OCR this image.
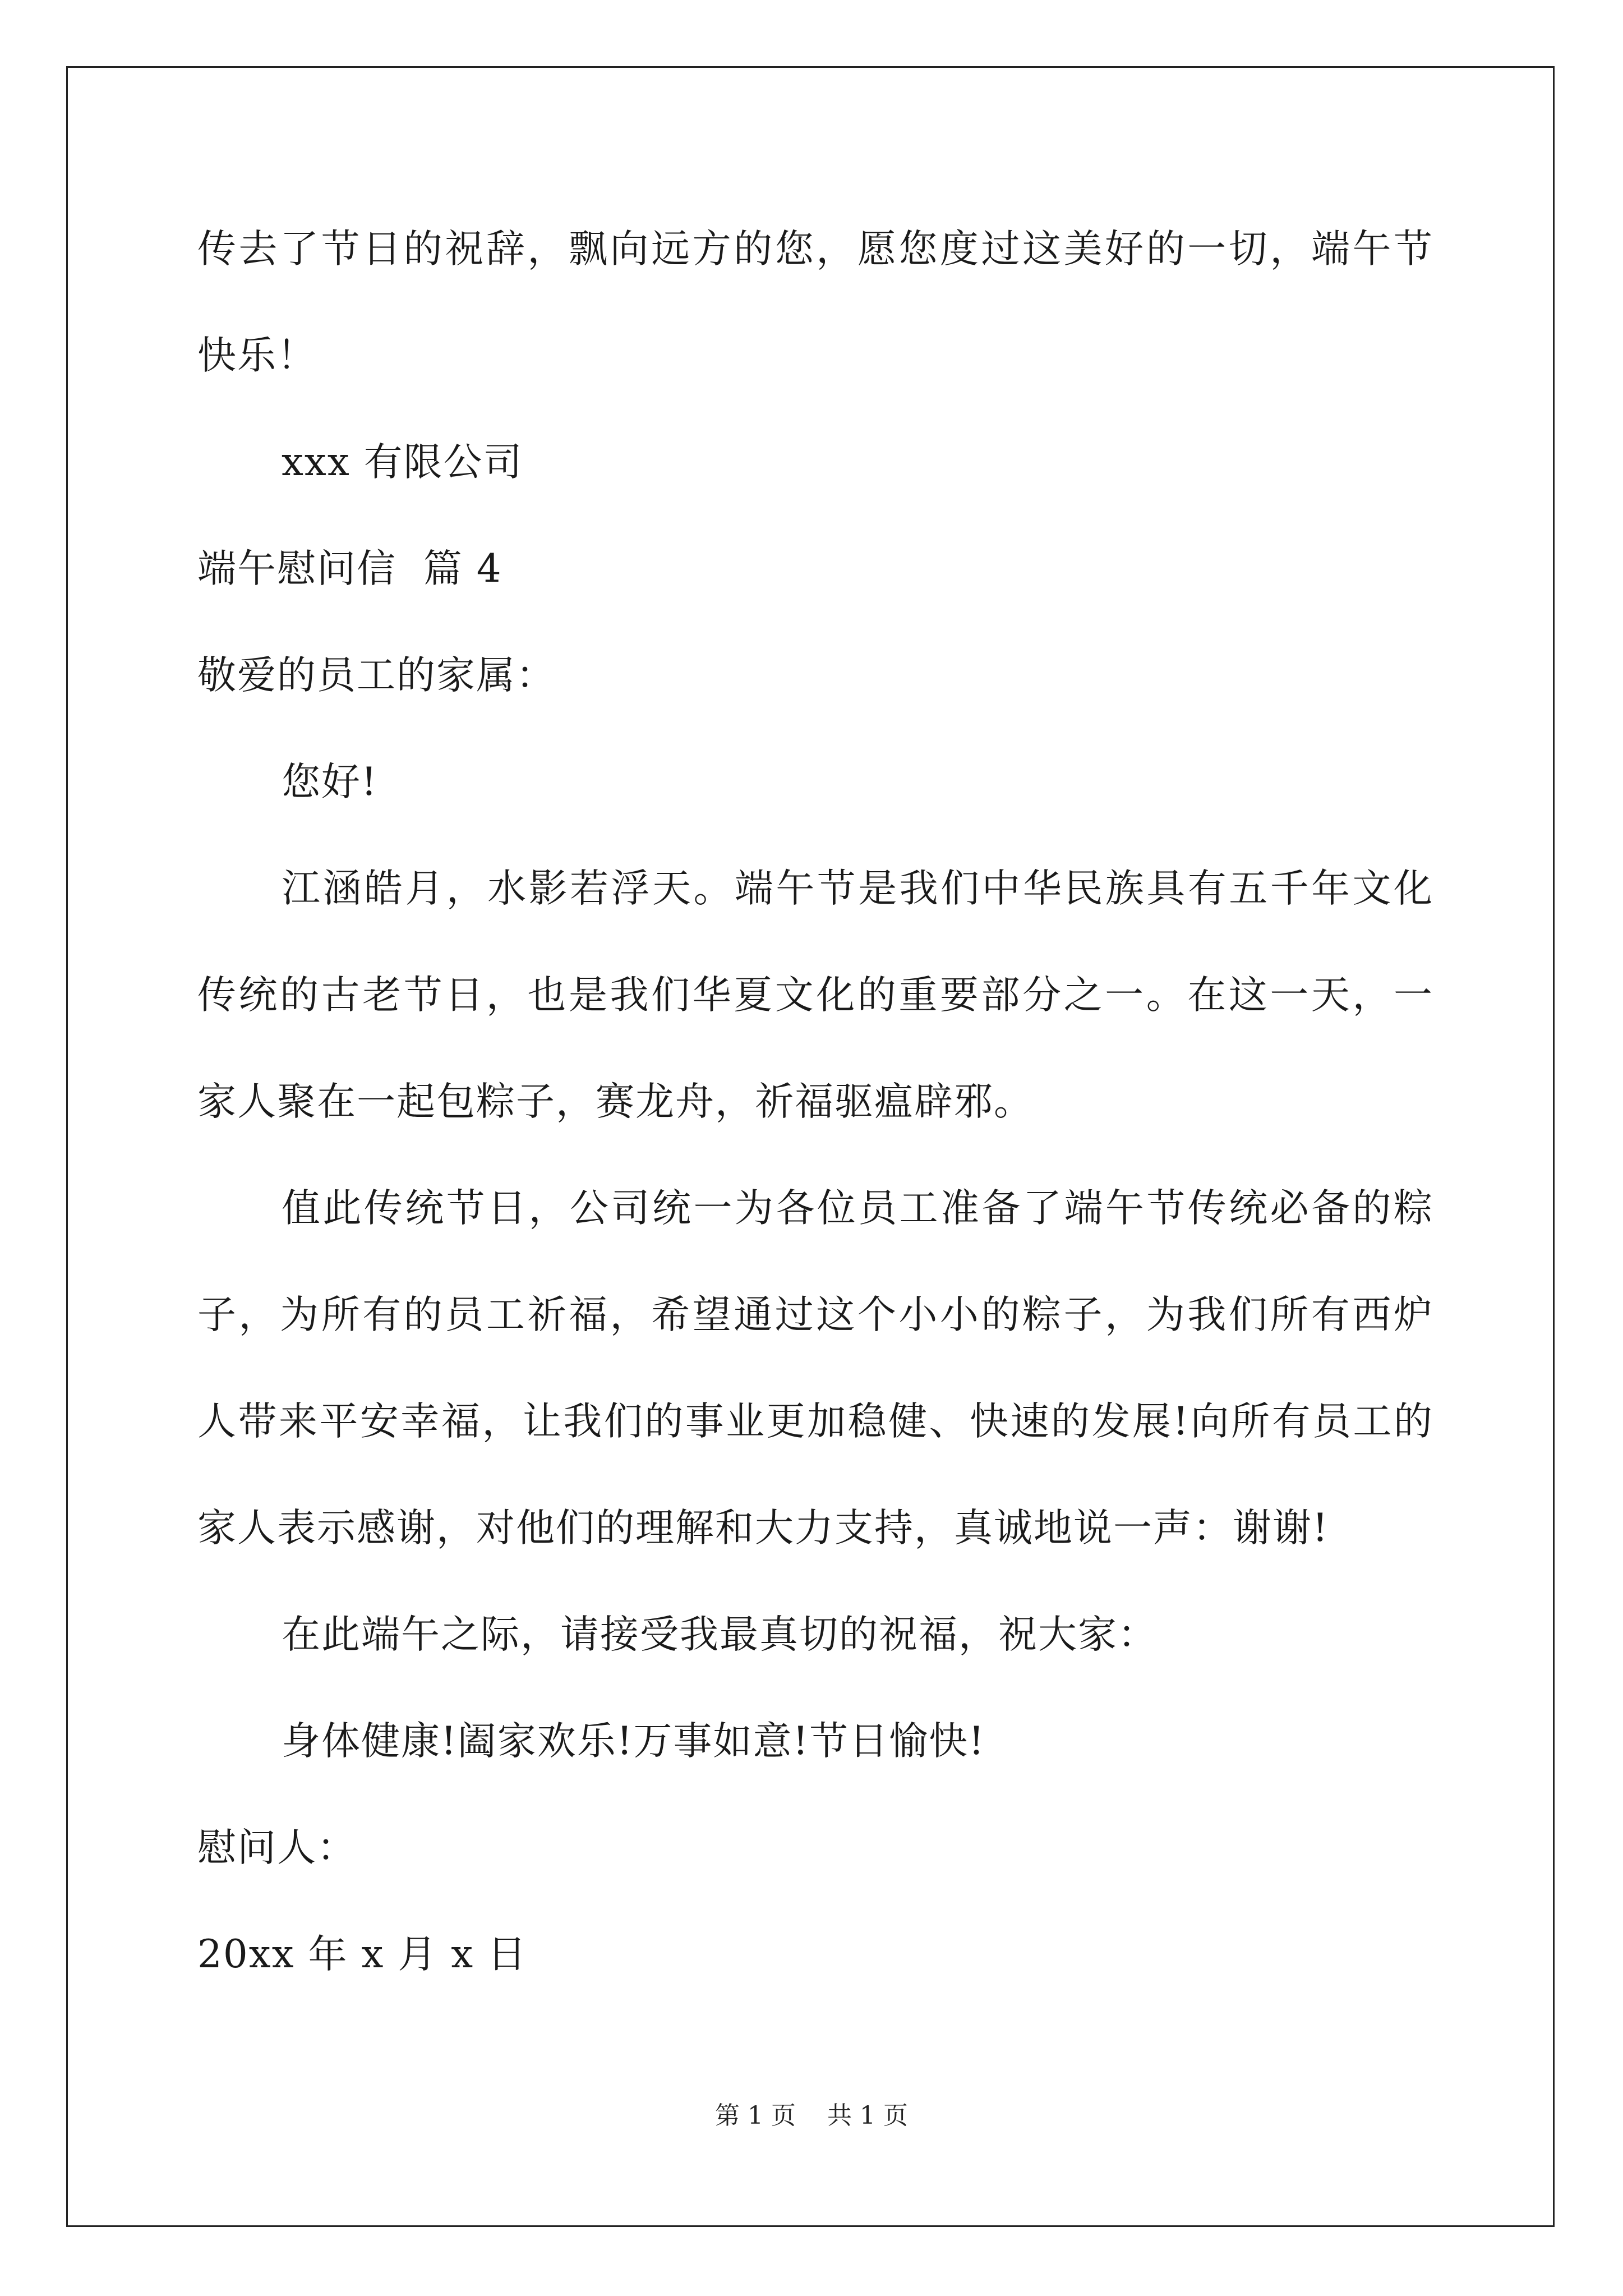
传去了节日的祝辞，飘向远方的您，愿您度过这美好的一切，端午节
快乐！
xxx 有限公司
端午慰问信  篇 4
敬爱的员工的家属：
您好!
江涵皓月，水影若浮天。端午节是我们中华民族具有五千年文化
传统的古老节日，也是我们华夏文化的重要部分之一。在这一天，一
家人聚在一起包粽子，赛龙舟，祈福驱瘟辟邪。
值此传统节日，公司统一为各位员工准备了端午节传统必备的粽
子，为所有的员工祈福，希望通过这个小小的粽子，为我们所有西炉
人带来平安幸福，让我们的事业更加稳健、快速的发展!向所有员工的
家人表示感谢，对他们的理解和大力支持，真诚地说一声：谢谢!
在此端午之际，请接受我最真切的祝福，祝大家：
身体健康!阖家欢乐!万事如意!节日愉快!
慰问人：
20xx 年 x 月 x 日
第 1 页 共 1 页
